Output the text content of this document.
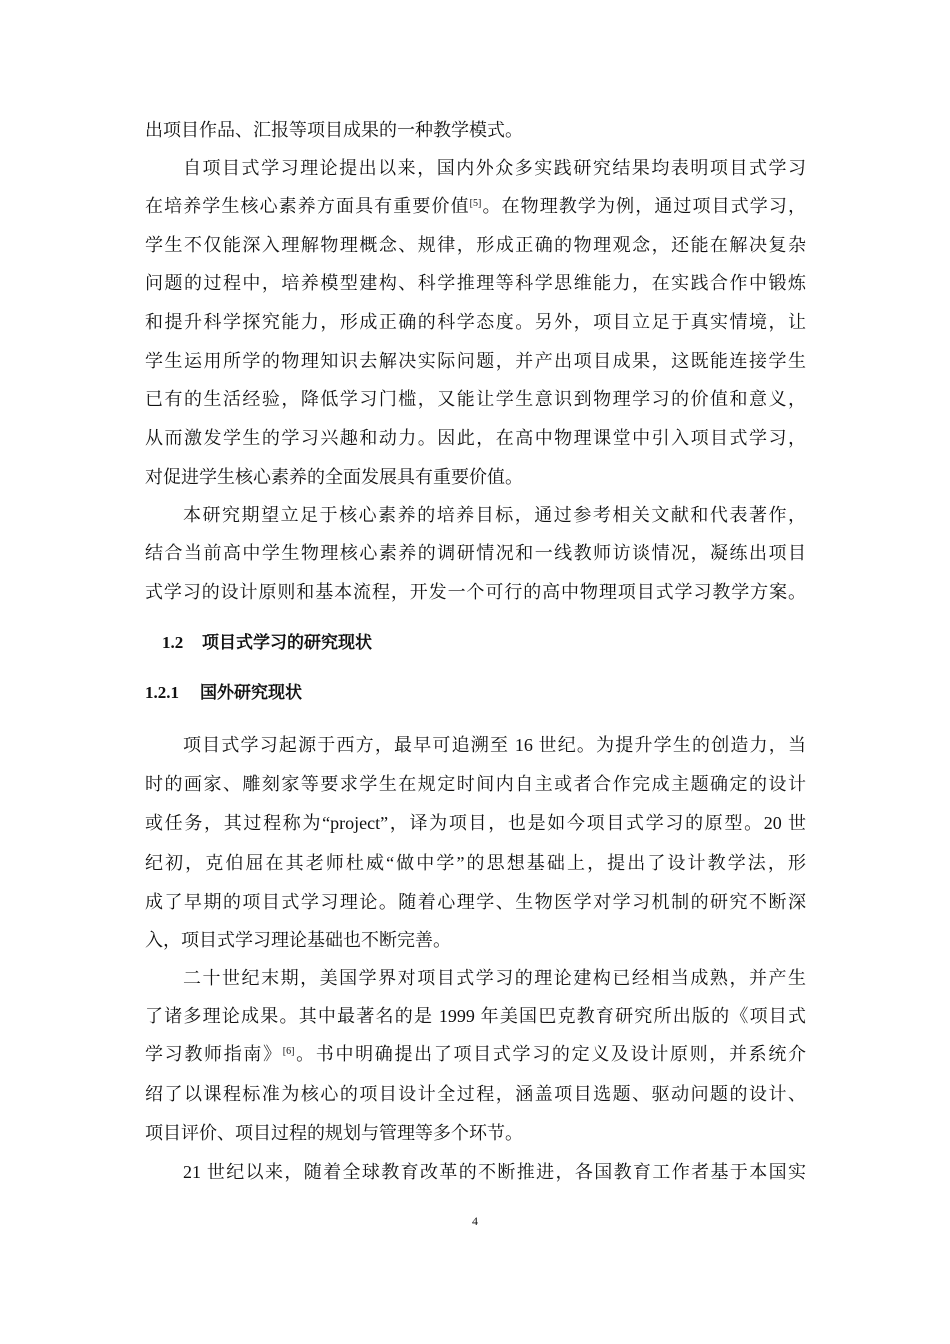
出项目作品、汇报等项目成果的一种教学模式。
自项目式学习理论提出以来，国内外众多实践研究结果均表明项目式学习
在培养学生核心素养方面具有重要价值[5]。在物理教学为例，通过项目式学习，
学生不仅能深入理解物理概念、规律，形成正确的物理观念，还能在解决复杂
问题的过程中，培养模型建构、科学推理等科学思维能力，在实践合作中锻炼
和提升科学探究能力，形成正确的科学态度。另外，项目立足于真实情境，让
学生运用所学的物理知识去解决实际问题，并产出项目成果，这既能连接学生
已有的生活经验，降低学习门槛，又能让学生意识到物理学习的价值和意义，
从而激发学生的学习兴趣和动力。因此，在高中物理课堂中引入项目式学习，
对促进学生核心素养的全面发展具有重要价值。
本研究期望立足于核心素养的培养目标，通过参考相关文献和代表著作，
结合当前高中学生物理核心素养的调研情况和一线教师访谈情况，凝练出项目
式学习的设计原则和基本流程，开发一个可行的高中物理项目式学习教学方案。
项目式学习起源于西方，最早可追溯至 16 世纪。为提升学生的创造力，当
时的画家、雕刻家等要求学生在规定时间内自主或者合作完成主题确定的设计
或任务，其过程称为“project”，译为项目，也是如今项目式学习的原型。20 世
纪初，克伯屈在其老师杜威“做中学”的思想基础上，提出了设计教学法，形
成了早期的项目式学习理论。随着心理学、生物医学对学习机制的研究不断深
入，项目式学习理论基础也不断完善。
二十世纪末期，美国学界对项目式学习的理论建构已经相当成熟，并产生
了诸多理论成果。其中最著名的是 1999 年美国巴克教育研究所出版的《项目式
学习教师指南》[6]。书中明确提出了项目式学习的定义及设计原则，并系统介
绍了以课程标准为核心的项目设计全过程，涵盖项目选题、驱动问题的设计、
项目评价、项目过程的规划与管理等多个环节。
21 世纪以来，随着全球教育改革的不断推进，各国教育工作者基于本国实
1.2 项目式学习的研究现状
1.2.1 国外研究现状
4
